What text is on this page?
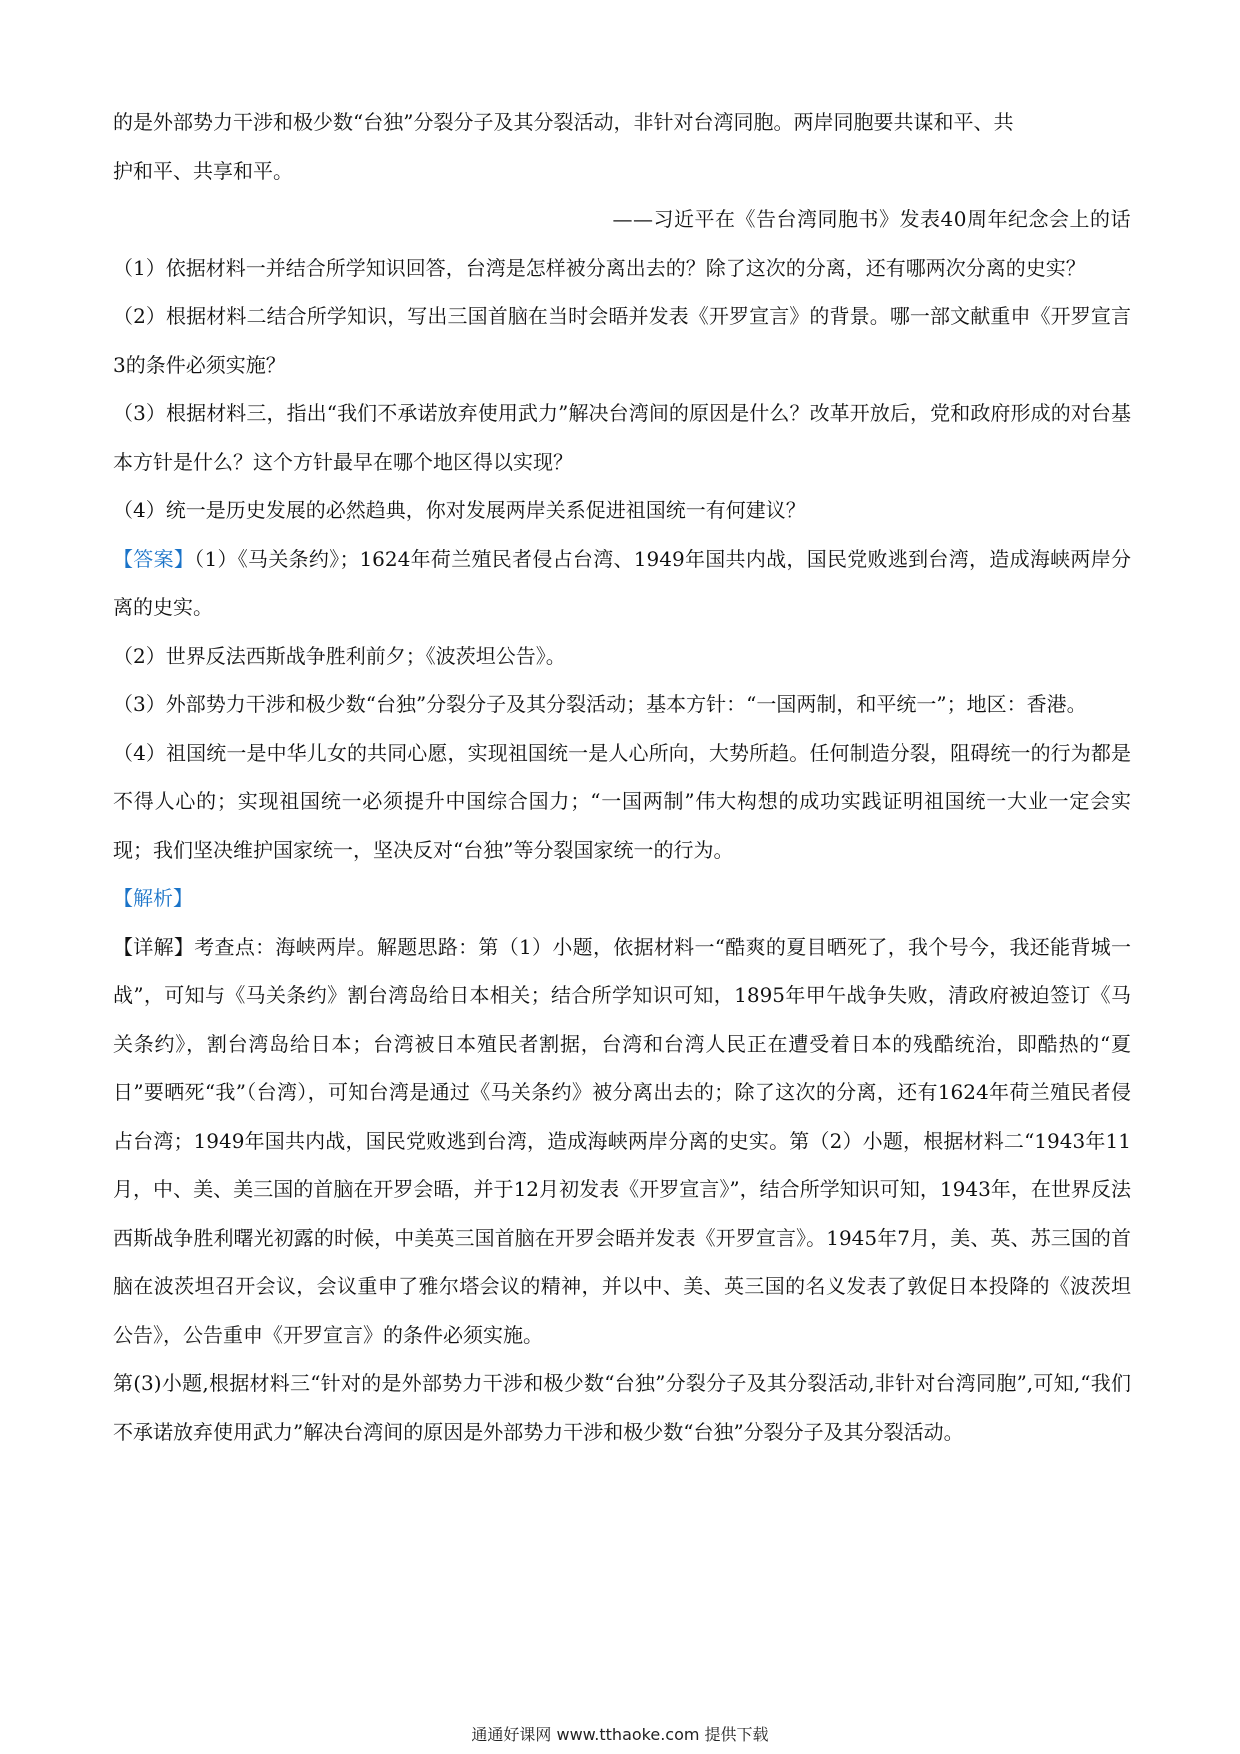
的是外部势力干涉和极少数“台独”分裂分子及其分裂活动，非针对台湾同胞。两岸同胞要共谋和平、共

护和平、共享和平。

——习近平在《告台湾同胞书》发表40周年纪念会上的话

（1）依据材料一并结合所学知识回答，台湾是怎样被分离出去的？除了这次的分离，还有哪两次分离的史实？

（2）根据材料二结合所学知识，写出三国首脑在当时会晤并发表《开罗宣言》的背景。哪一部文献重申《开罗宣言3的条件必须实施？

（3）根据材料三，指出“我们不承诺放弃使用武力”解决台湾间的原因是什么？改革开放后，党和政府形成的对台基本方针是什么？这个方针最早在哪个地区得以实现？

（4）统一是历史发展的必然趋典，你对发展两岸关系促进祖国统一有何建议？

【答案】（1）《马关条约》；1624年荷兰殖民者侵占台湾、1949年国共内战，国民党败逃到台湾，造成海峡两岸分离的史实。

（2）世界反法西斯战争胜利前夕；《波茨坦公告》。

（3）外部势力干涉和极少数“台独”分裂分子及其分裂活动；基本方针：“一国两制，和平统一”；地区：香港。

（4）祖国统一是中华儿女的共同心愿，实现祖国统一是人心所向，大势所趋。任何制造分裂，阻碍统一的行为都是不得人心的；实现祖国统一必须提升中国综合国力；“一国两制”伟大构想的成功实践证明祖国统一大业一定会实现；我们坚决维护国家统一，坚决反对“台独”等分裂国家统一的行为。

【解析】

【详解】考查点：海峡两岸。解题思路：第（1）小题，依据材料一“酷爽的夏目晒死了，我个号今，我还能背城一战”，可知与《马关条约》割台湾岛给日本相关；结合所学知识可知，1895年甲午战争失败，清政府被迫签订《马关条约》，割台湾岛给日本；台湾被日本殖民者割据，台湾和台湾人民正在遭受着日本的残酷统治，即酷热的“夏日”要晒死“我”（台湾），可知台湾是通过《马关条约》被分离出去的；除了这次的分离，还有1624年荷兰殖民者侵占台湾；1949年国共内战，国民党败逃到台湾，造成海峡两岸分离的史实。第（2）小题，根据材料二“1943年11月，中、美、美三国的首脑在开罗会晤，并于12月初发表《开罗宣言》”，结合所学知识可知，1943年，在世界反法西斯战争胜利曙光初露的时候，中美英三国首脑在开罗会晤并发表《开罗宣言》。1945年7月，美、英、苏三国的首脑在波茨坦召开会议，会议重申了雅尔塔会议的精神，并以中、美、英三国的名义发表了敦促日本投降的《波茨坦公告》，公告重申《开罗宣言》的条件必须实施。

第(3)小题,根据材料三“针对的是外部势力干涉和极少数“台独”分裂分子及其分裂活动,非针对台湾同胞”,可知,“我们不承诺放弃使用武力”解决台湾间的原因是外部势力干涉和极少数“台独”分裂分子及其分裂活动。

通通好课网 www.tthaoke.com 提供下载
